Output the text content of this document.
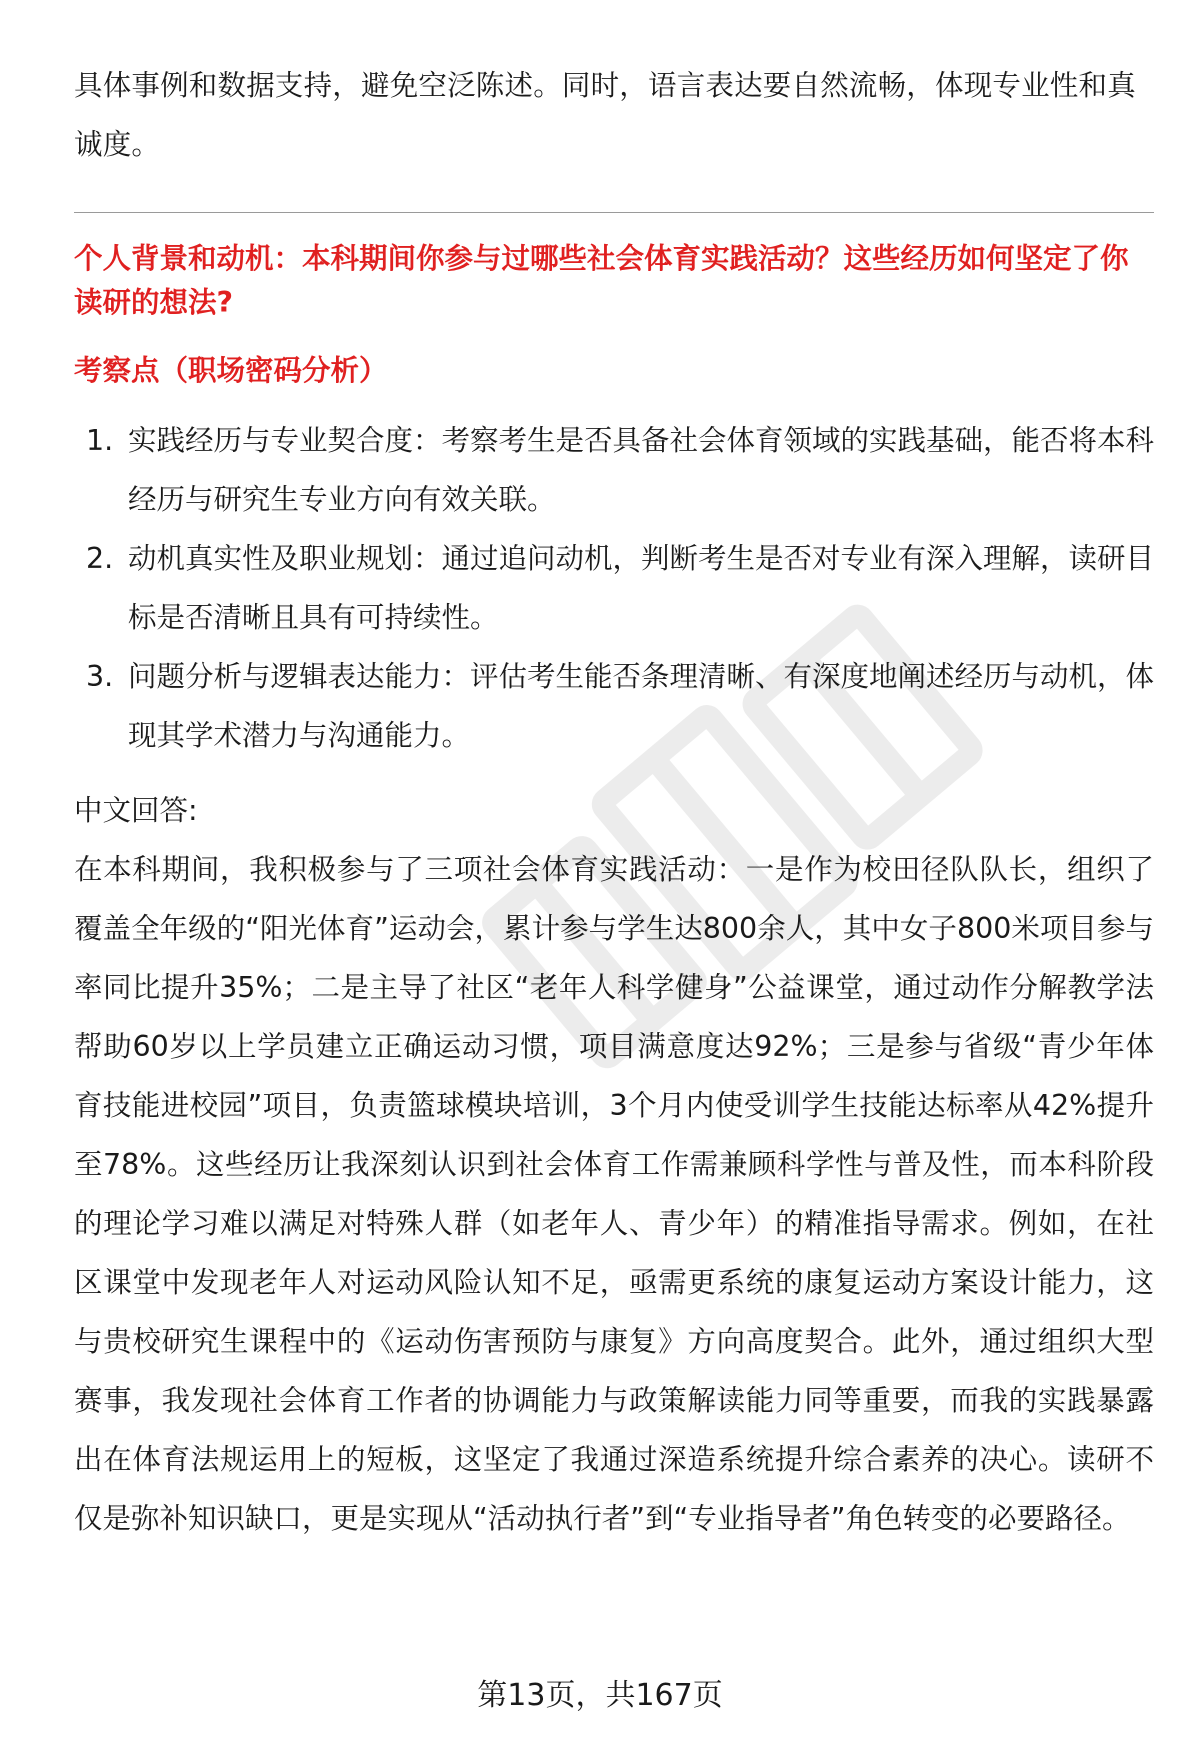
具体事例和数据支持，避免空泛陈述。同时，语言表达要自然流畅，体现专业性和真诚度。

个人背景和动机：本科期间你参与过哪些社会体育实践活动？这些经历如何坚定了你读研的想法?

考察点（职场密码分析）

1. 实践经历与专业契合度：考察考生是否具备社会体育领域的实践基础，能否将本科经历与研究生专业方向有效关联。
2. 动机真实性及职业规划：通过追问动机，判断考生是否对专业有深入理解，读研目标是否清晰且具有可持续性。
3. 问题分析与逻辑表达能力：评估考生能否条理清晰、有深度地阐述经历与动机，体现其学术潜力与沟通能力。

中文回答:

在本科期间，我积极参与了三项社会体育实践活动：一是作为校田径队队长，组织了覆盖全年级的“阳光体育”运动会，累计参与学生达800余人，其中女子800米项目参与率同比提升35%；二是主导了社区“老年人科学健身”公益课堂，通过动作分解教学法帮助60岁以上学员建立正确运动习惯，项目满意度达92%；三是参与省级“青少年体育技能进校园”项目，负责篮球模块培训，3个月内使受训学生技能达标率从42%提升至78%。这些经历让我深刻认识到社会体育工作需兼顾科学性与普及性，而本科阶段的理论学习难以满足对特殊人群（如老年人、青少年）的精准指导需求。例如，在社区课堂中发现老年人对运动风险认知不足，亟需更系统的康复运动方案设计能力，这与贵校研究生课程中的《运动伤害预防与康复》方向高度契合。此外，通过组织大型赛事，我发现社会体育工作者的协调能力与政策解读能力同等重要，而我的实践暴露出在体育法规运用上的短板，这坚定了我通过深造系统提升综合素养的决心。读研不仅是弥补知识缺口，更是实现从“活动执行者”到“专业指导者”角色转变的必要路径。

第13页，共167页
